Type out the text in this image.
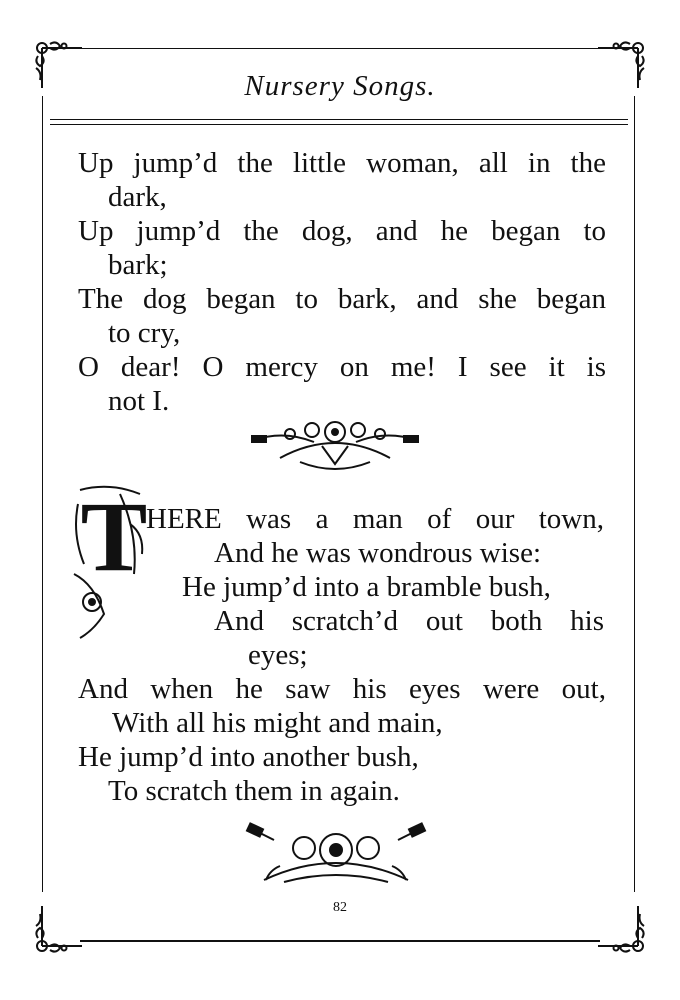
Nursery Songs.

Up jump’d the little woman, all in the

dark,

Up jump’d the dog, and he began to

bark;

The dog began to bark, and she began

to cry,

O dear! O mercy on me! I see it is

not I.

T

HERE was a man of our town,

And he was wondrous wise:

He jump’d into a bramble bush,

And scratch’d out both his

eyes;

And when he saw his eyes were out,

With all his might and main,

He jump’d into another bush,

To scratch them in again.

82
